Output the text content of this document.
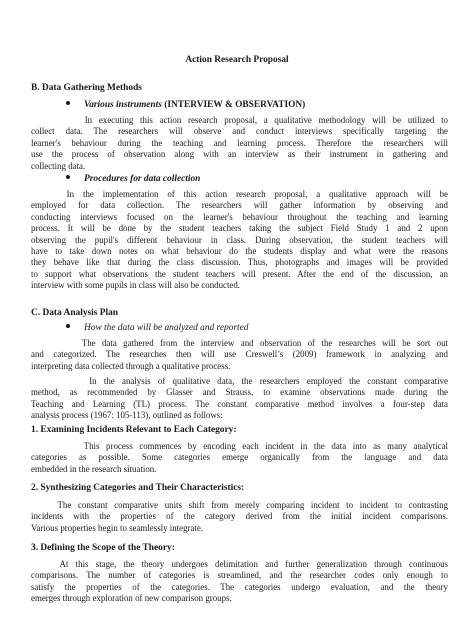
Action Research Proposal
B. Data Gathering Methods
Various instruments (INTERVIEW & OBSERVATION)
In executing this action research proposal, a qualitative methodology will be utilized to
collect data. The researchers will observe and conduct interviews specifically targeting the
learner's behaviour during the teaching and learning process. Therefore the researchers will
use the process of observation along with an interview as their instrument in gathering and
collecting data.
Procedures for data collection
In the implementation of this action research proposal, a qualitative approach will be
employed for data collection. The researchers will gather information by observing and
conducting interviews focused on the learner's behaviour throughout the teaching and learning
process. It will be done by the student teachers taking the subject Field Study 1 and 2 upon
observing the pupil's different behaviour in class. During observation, the student teachers will
have to take down notes on what behaviour do the students display and what were the reasons
they behave like that during the class discussion. Thus, photographs and images will be provided
to support what observations the student teachers will present. After the end of the discussion, an
interview with some pupils in class will also be conducted.
C. Data Analysis Plan
How the data will be analyzed and reported
The data gathered from the interview and observation of the researches will be sort out
and categorized. The researches then will use Creswell’s (2009) framework in analyzing and
interpreting data collected through a qualitative process.
In the analysis of qualitative data, the researchers employed the constant comparative
method, as recommended by Glasser and Strauss, to examine observations made during the
Teaching and Learning (TL) process. The constant comparative method involves a four-step data
analysis process (1967: 105-113), outlined as follows:
1. Examining Incidents Relevant to Each Category:
This process commences by encoding each incident in the data into as many analytical
categories as possible. Some categories emerge organically from the language and data
embedded in the research situation.
2. Synthesizing Categories and Their Characteristics:
The constant comparative units shift from merely comparing incident to incident to contrasting
incidents with the properties of the category derived from the initial incident comparisons.
Various properties begin to seamlessly integrate.
3. Defining the Scope of the Theory:
At this stage, the theory undergoes delimitation and further generalization through continuous
comparisons. The number of categories is streamlined, and the researcher codes only enough to
satisfy the properties of the categories. The categories undergo evaluation, and the theory
emerges through exploration of new comparison groups.
